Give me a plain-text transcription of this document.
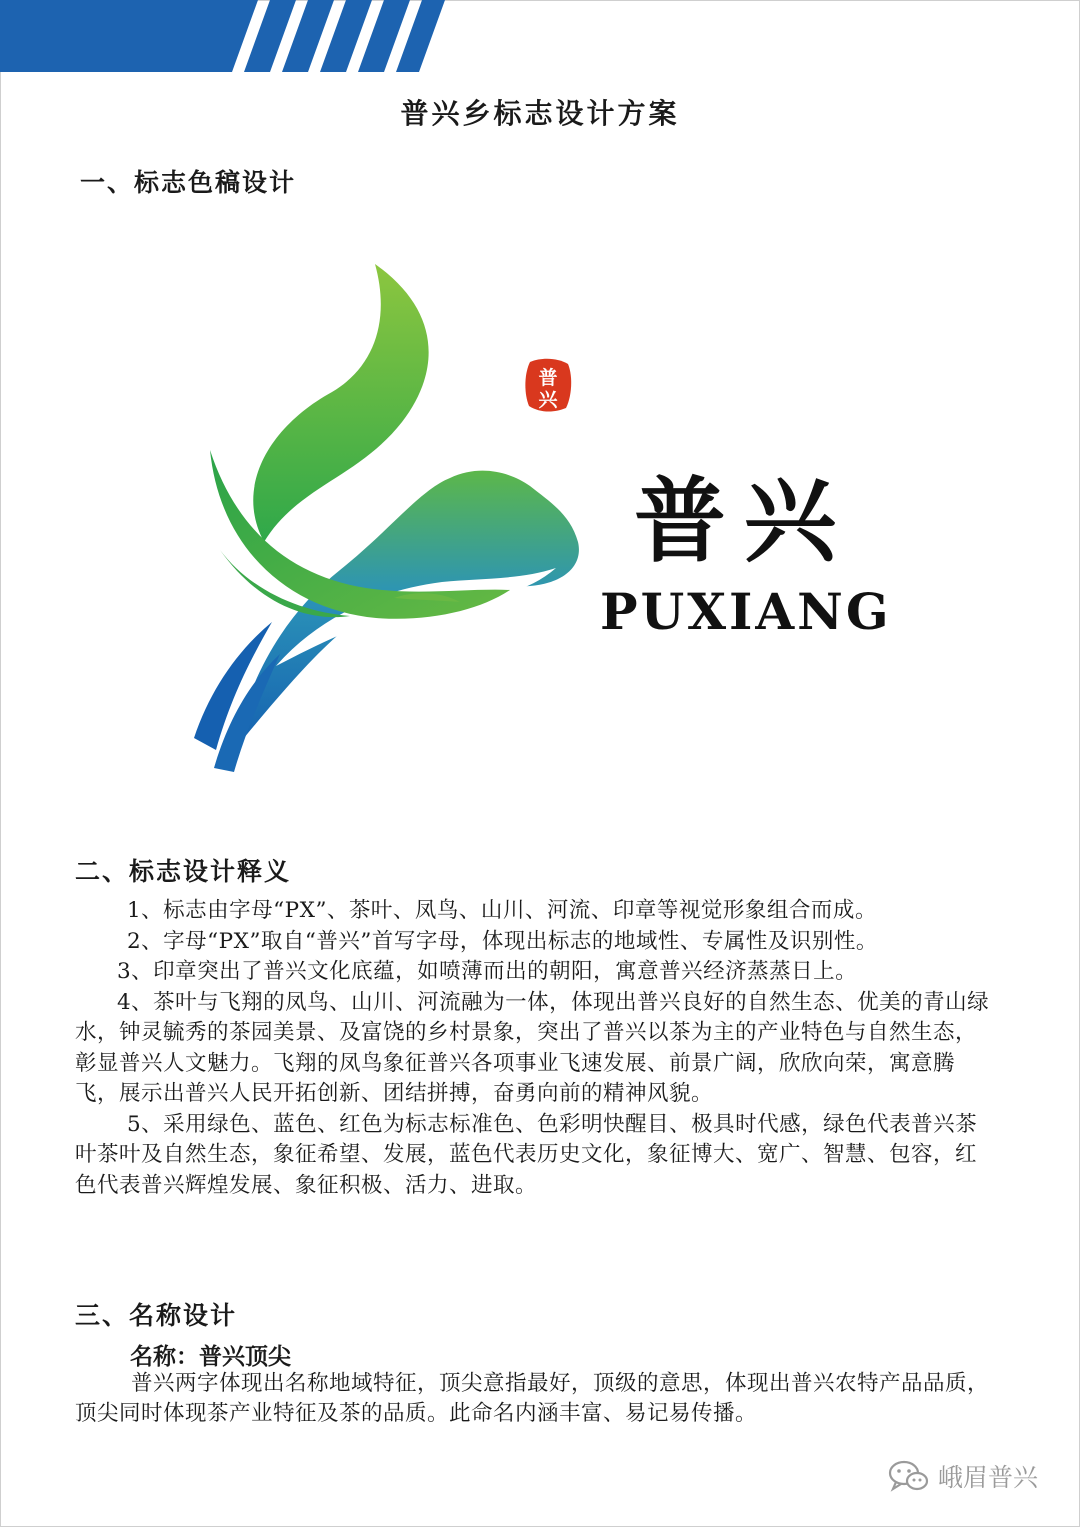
普兴乡标志设计方案
一、标志色稿设计
普
兴
普兴
PUXIANG
二、标志设计释义

1、标志由字母“PX”、茶叶、凤鸟、山川、河流、印章等视觉形象组合而成。

2、字母“PX”取自“普兴”首写字母，体现出标志的地域性、专属性及识别性。

3、印章突出了普兴文化底蕴，如喷薄而出的朝阳，寓意普兴经济蒸蒸日上。

4、茶叶与飞翔的凤鸟、山川、河流融为一体，体现出普兴良好的自然生态、优美的青山绿水，钟灵毓秀的茶园美景、及富饶的乡村景象，突出了普兴以茶为主的产业特色与自然生态，彰显普兴人文魅力。飞翔的凤鸟象征普兴各项事业飞速发展、前景广阔，欣欣向荣，寓意腾飞，展示出普兴人民开拓创新、团结拼搏，奋勇向前的精神风貌。

5、采用绿色、蓝色、红色为标志标准色、色彩明快醒目、极具时代感，绿色代表普兴茶叶茶叶及自然生态，象征希望、发展，蓝色代表历史文化，象征博大、宽广、智慧、包容，红色代表普兴辉煌发展、象征积极、活力、进取。

三、名称设计
名称：普兴顶尖
普兴两字体现出名称地域特征，顶尖意指最好，顶级的意思，体现出普兴农特产品品质，顶尖同时体现茶产业特征及茶的品质。此命名内涵丰富、易记易传播。
峨眉普兴
